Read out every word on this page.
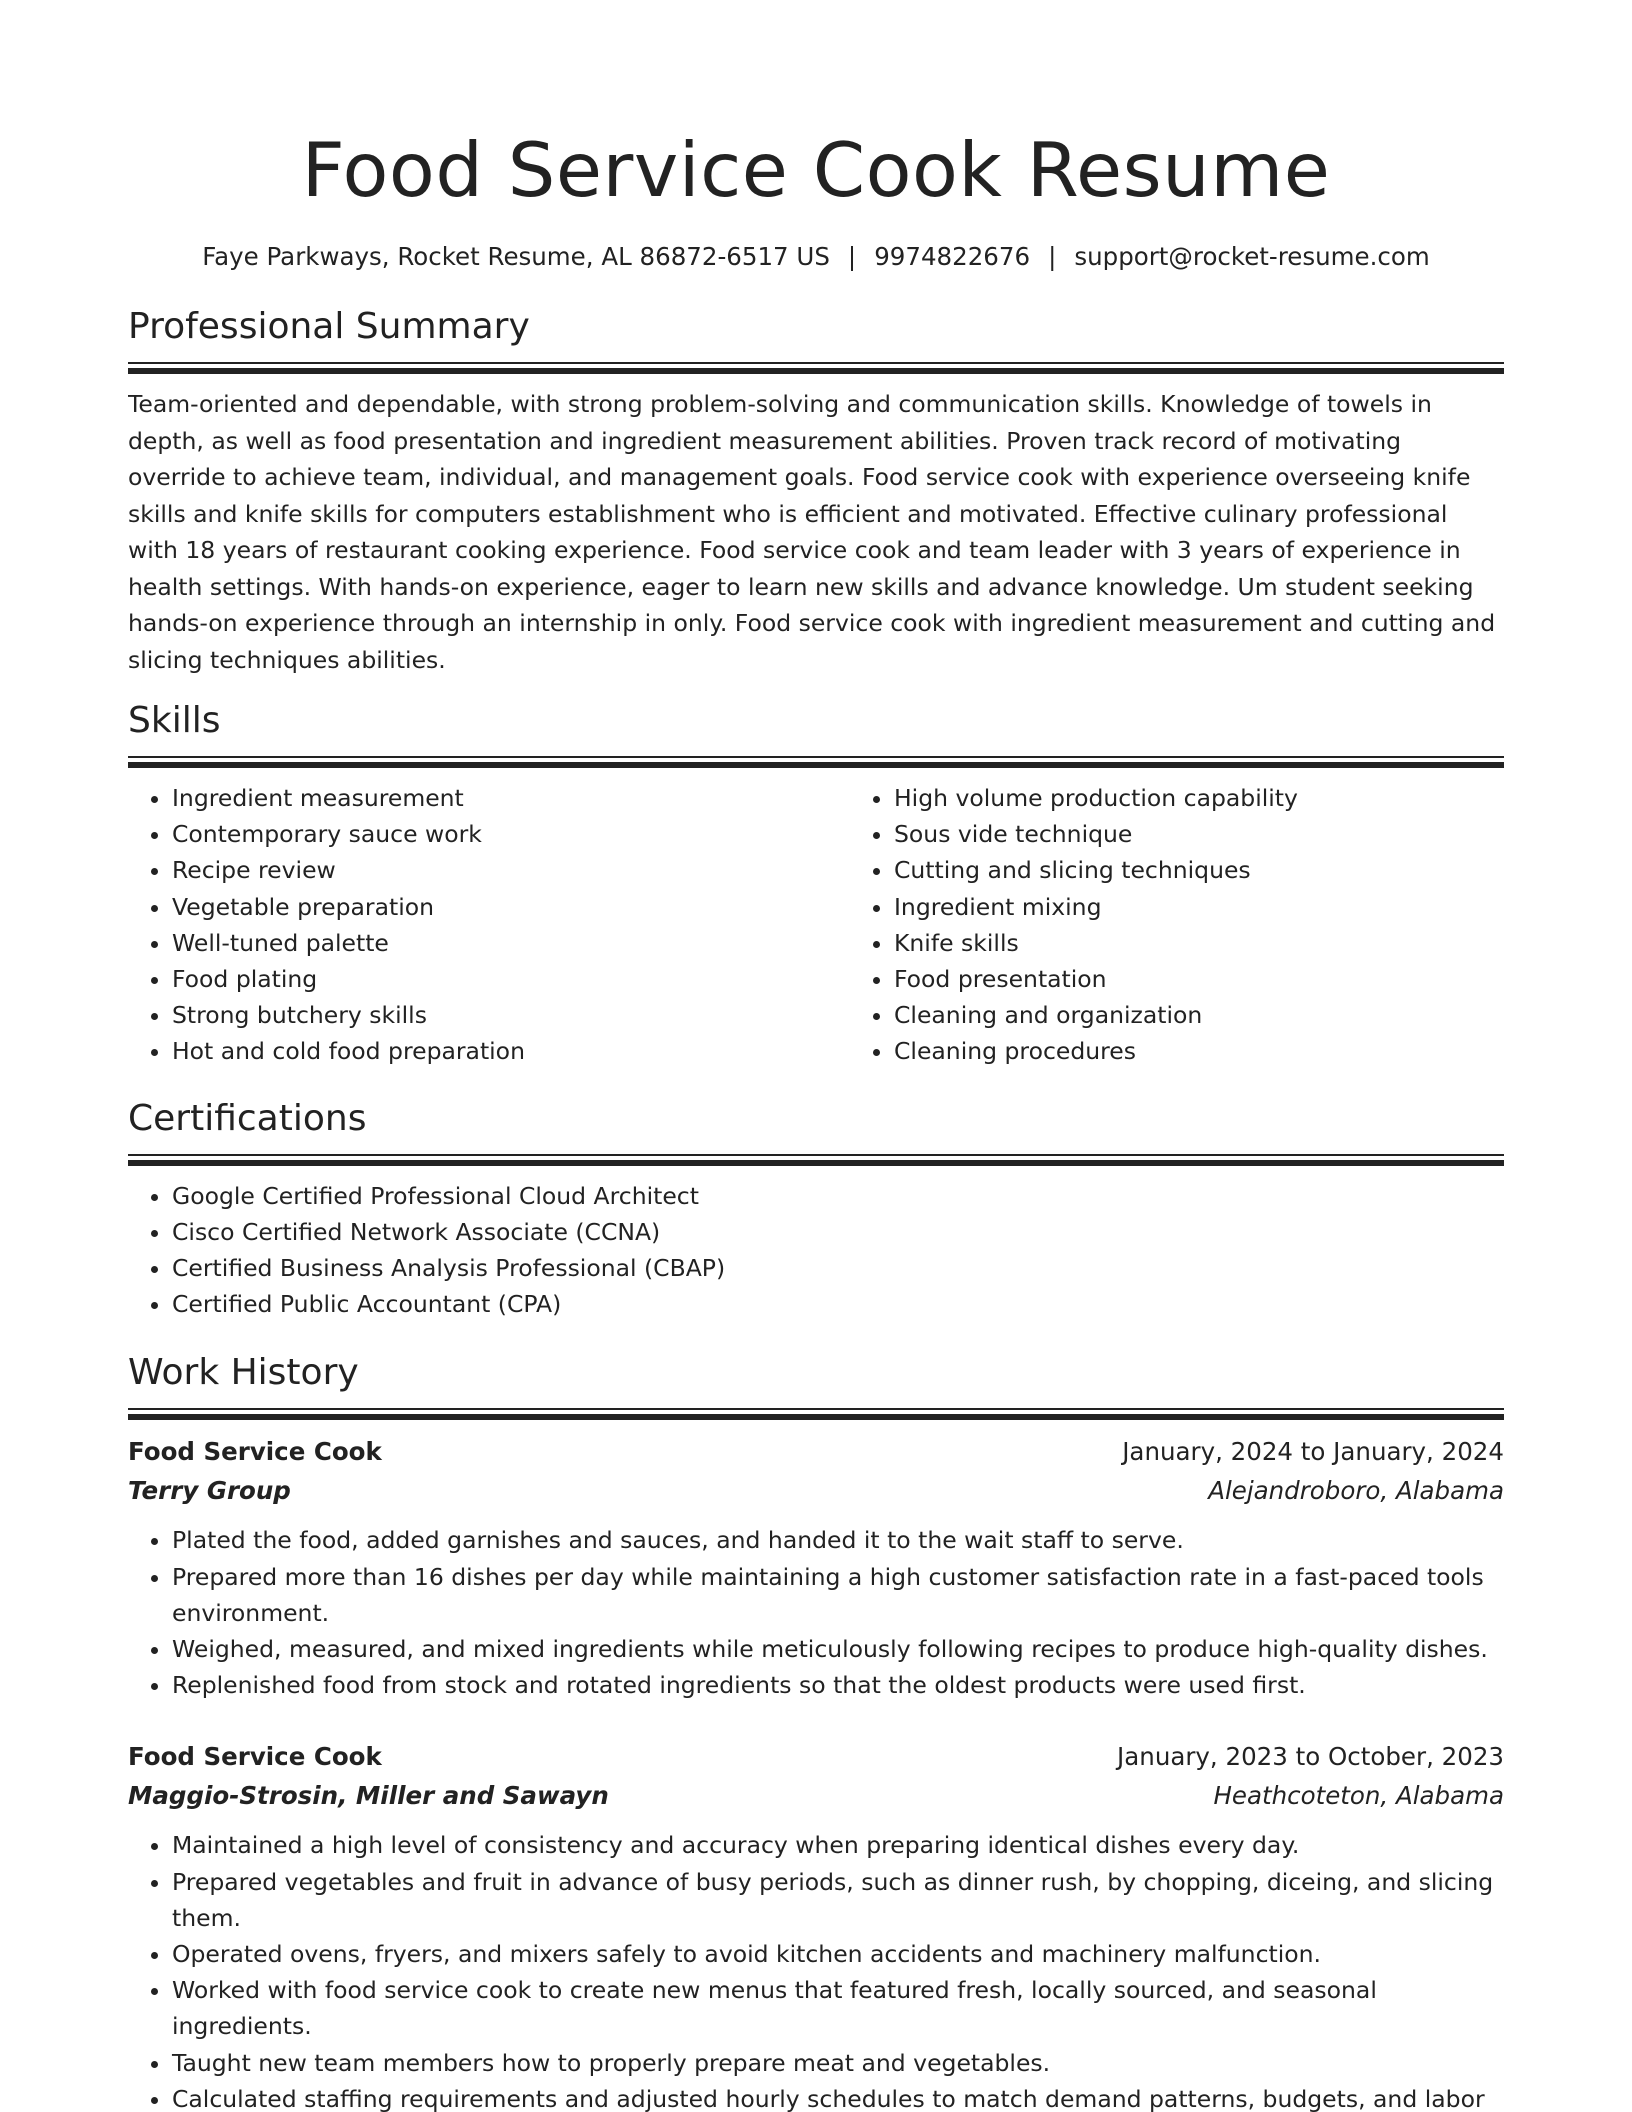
Food Service Cook Resume
Faye Parkways, Rocket Resume, AL 86872-6517 US | 9974822676 | support@rocket-resume.com
Professional Summary
Team-oriented and dependable, with strong problem-solving and communication skills. Knowledge of towels in depth, as well as food presentation and ingredient measurement abilities. Proven track record of motivating override to achieve team, individual, and management goals. Food service cook with experience overseeing knife skills and knife skills for computers establishment who is efficient and motivated. Effective culinary professional with 18 years of restaurant cooking experience. Food service cook and team leader with 3 years of experience in health settings. With hands-on experience, eager to learn new skills and advance knowledge. Um student seeking hands-on experience through an internship in only. Food service cook with ingredient measurement and cutting and slicing techniques abilities.
Skills
• Ingredient measurement
• Contemporary sauce work
• Recipe review
• Vegetable preparation
• Well-tuned palette
• Food plating
• Strong butchery skills
• Hot and cold food preparation
• High volume production capability
• Sous vide technique
• Cutting and slicing techniques
• Ingredient mixing
• Knife skills
• Food presentation
• Cleaning and organization
• Cleaning procedures
Certifications
• Google Certified Professional Cloud Architect
• Cisco Certified Network Associate (CCNA)
• Certified Business Analysis Professional (CBAP)
• Certified Public Accountant (CPA)
Work History
Food Service Cook	January, 2024 to January, 2024
Terry Group	Alejandroboro, Alabama
• Plated the food, added garnishes and sauces, and handed it to the wait staff to serve.
• Prepared more than 16 dishes per day while maintaining a high customer satisfaction rate in a fast-paced tools environment.
• Weighed, measured, and mixed ingredients while meticulously following recipes to produce high-quality dishes.
• Replenished food from stock and rotated ingredients so that the oldest products were used first.
Food Service Cook	January, 2023 to October, 2023
Maggio-Strosin, Miller and Sawayn	Heathcoteton, Alabama
• Maintained a high level of consistency and accuracy when preparing identical dishes every day.
• Prepared vegetables and fruit in advance of busy periods, such as dinner rush, by chopping, diceing, and slicing them.
• Operated ovens, fryers, and mixers safely to avoid kitchen accidents and machinery malfunction.
• Worked with food service cook to create new menus that featured fresh, locally sourced, and seasonal ingredients.
• Taught new team members how to properly prepare meat and vegetables.
• Calculated staffing requirements and adjusted hourly schedules to match demand patterns, budgets, and labor
